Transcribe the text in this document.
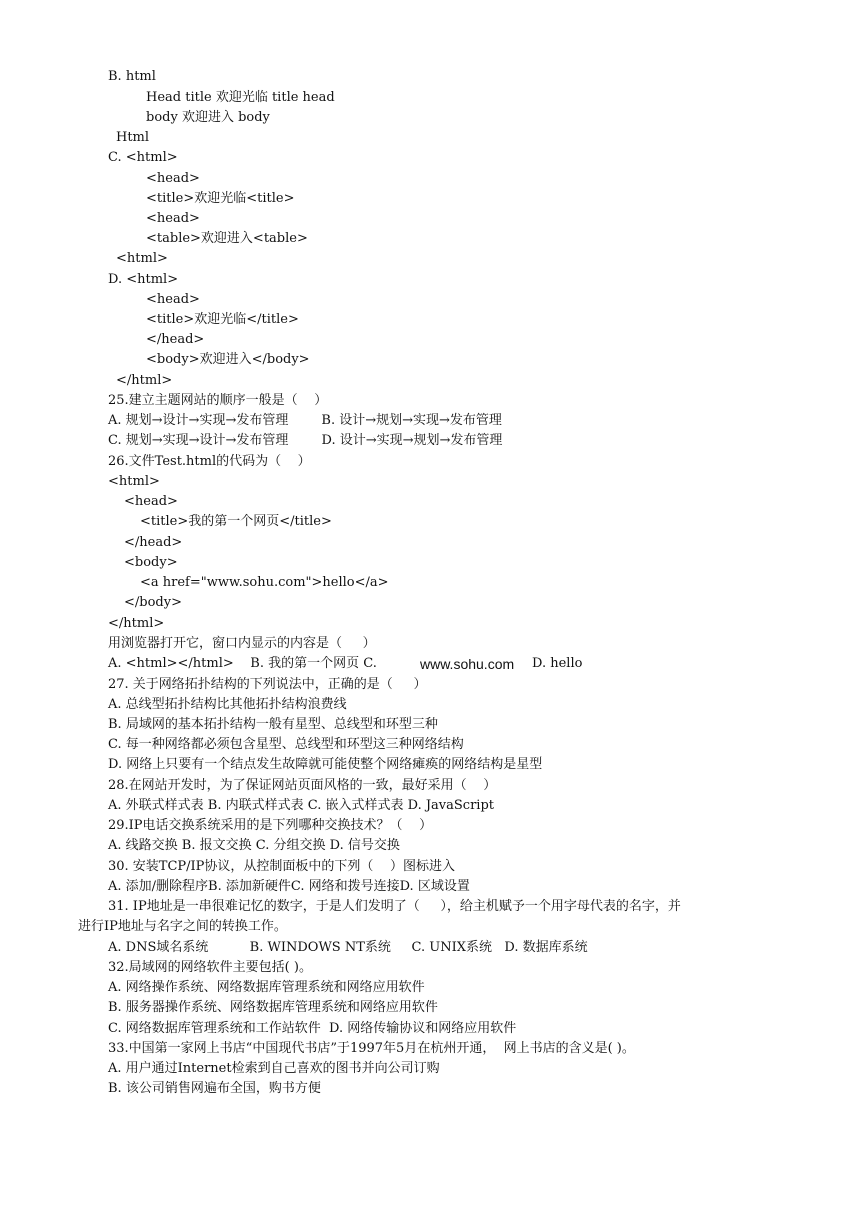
B. html
Head title 欢迎光临 title head
body 欢迎进入 body
Html
C. <html>
<head>
<title>欢迎光临<title>
<head>
<table>欢迎进入<table>
<html>
D. <html>
<head>
<title>欢迎光临</title>
</head>
<body>欢迎进入</body>
</html>
25.建立主题网站的顺序一般是（    ）
A. 规划→设计→实现→发布管理        B. 设计→规划→实现→发布管理
C. 规划→实现→设计→发布管理        D. 设计→实现→规划→发布管理
26.文件Test.html的代码为（    ）
<html>
<head>
<title>我的第一个网页</title>
</head>
<body>
<a href="www.sohu.com">hello</a>
</body>
</html>
用浏览器打开它，窗口内显示的内容是（     ）
A. <html></html>    B. 我的第一个网页 C.	www.sohu.com D. hello
27. 关于网络拓扑结构的下列说法中，正确的是（     ）
A. 总线型拓扑结构比其他拓扑结构浪费线
B. 局域网的基本拓扑结构一般有星型、总线型和环型三种
C. 每一种网络都必须包含星型、总线型和环型这三种网络结构
D. 网络上只要有一个结点发生故障就可能使整个网络瘫痪的网络结构是星型
28.在网站开发时，为了保证网站页面风格的一致，最好采用（    ）
A. 外联式样式表 B. 内联式样式表 C. 嵌入式样式表 D. JavaScript
29.IP电话交换系统采用的是下列哪种交换技术？（    ）
A. 线路交换 B. 报文交换 C. 分组交换 D. 信号交换
30. 安装TCP/IP协议，从控制面板中的下列（    ）图标进入
A. 添加/删除程序B. 添加新硬件C. 网络和拨号连接D. 区域设置
31. IP地址是一串很难记忆的数字，于是人们发明了（     ），给主机赋予一个用字母代表的名字，并
进行IP地址与名字之间的转换工作。
A. DNS域名系统          B. WINDOWS NT系统     C. UNIX系统   D. 数据库系统
32.局域网的网络软件主要包括( )。
A. 网络操作系统、网络数据库管理系统和网络应用软件
B. 服务器操作系统、网络数据库管理系统和网络应用软件
C. 网络数据库管理系统和工作站软件  D. 网络传输协议和网络应用软件
33.中国第一家网上书店“中国现代书店”于1997年5月在杭州开通，  网上书店的含义是( )。
A. 用户通过Internet检索到自己喜欢的图书并向公司订购
B. 该公司销售网遍布全国，购书方便
